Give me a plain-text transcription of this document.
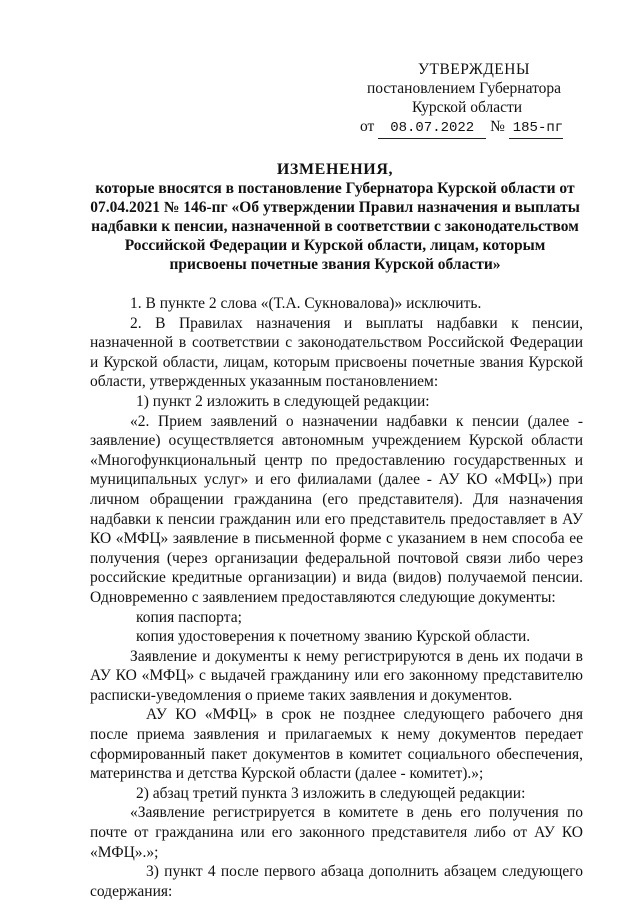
УТВЕРЖДЕНЫ
постановлением Губернатора
Курской области
от 08.07.2022 № 185-пг
ИЗМЕНЕНИЯ,
которые вносятся в постановление Губернатора Курской области от
07.04.2021 № 146-пг «Об утверждении Правил назначения и выплаты
надбавки к пенсии, назначенной в соответствии с законодательством
Российской Федерации и Курской области, лицам, которым
присвоены почетные звания Курской области»

1. В пункте 2 слова «(Т.А. Сукновалова)» исключить.

2. В Правилах назначения и выплаты надбавки к пенсии, назначенной в соответствии с законодательством Российской Федерации и Курской области, лицам, которым присвоены почетные звания Курской области, утвержденных указанным постановлением:

1) пункт 2 изложить в следующей редакции:

«2. Прием заявлений о назначении надбавки к пенсии (далее - заявление) осуществляется автономным учреждением Курской области «Многофункциональный центр по предоставлению государственных и муниципальных услуг» и его филиалами (далее - АУ КО «МФЦ») при личном обращении гражданина (его представителя). Для назначения надбавки к пенсии гражданин или его представитель предоставляет в АУ КО «МФЦ» заявление в письменной форме с указанием в нем способа ее получения (через организации федеральной почтовой связи либо через российские кредитные организации) и вида (видов) получаемой пенсии. Одновременно с заявлением предоставляются следующие документы:

копия паспорта;

копия удостоверения к почетному званию Курской области.

Заявление и документы к нему регистрируются в день их подачи в АУ КО «МФЦ» с выдачей гражданину или его законному представителю расписки-уведомления о приеме таких заявления и документов.

АУ КО «МФЦ» в срок не позднее следующего рабочего дня после приема заявления и прилагаемых к нему документов передает сформированный пакет документов в комитет социального обеспечения, материнства и детства Курской области (далее - комитет).»;

2) абзац третий пункта 3 изложить в следующей редакции:

«Заявление регистрируется в комитете в день его получения по почте от гражданина или его законного представителя либо от АУ КО «МФЦ».»;

3) пункт 4 после первого абзаца дополнить абзацем следующего содержания:
